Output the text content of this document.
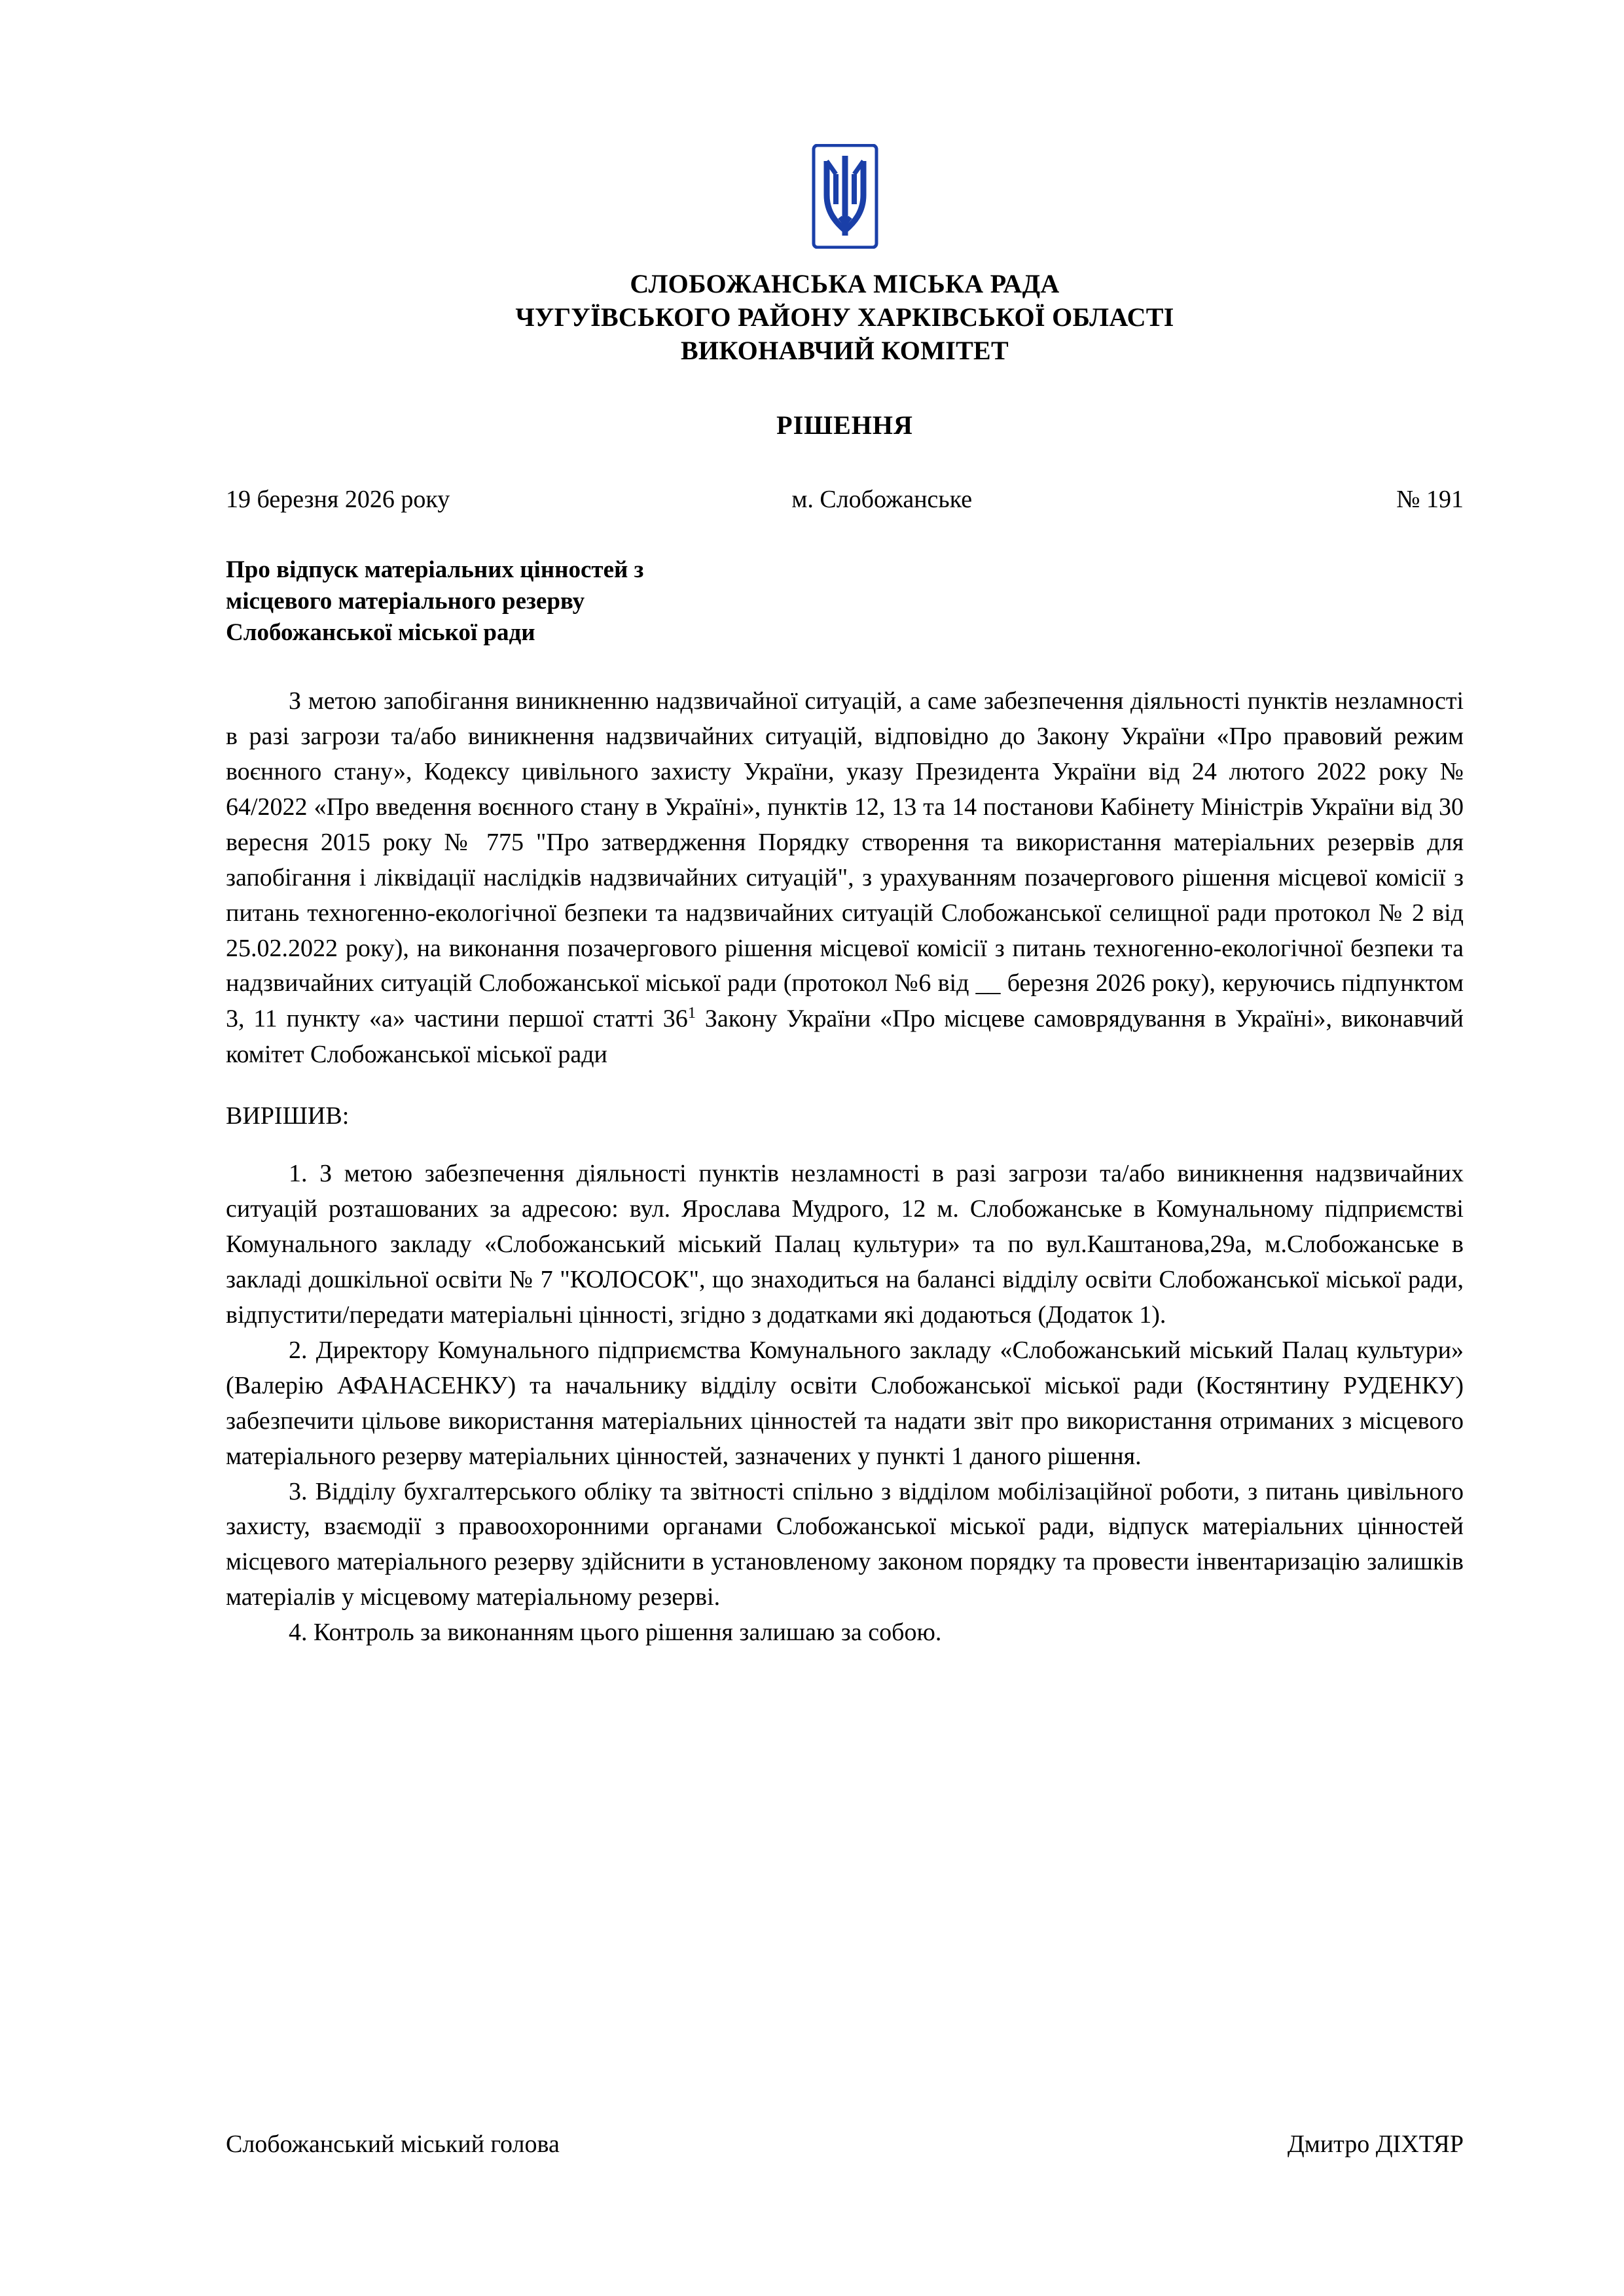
СЛОБОЖАНСЬКА МІСЬКА РАДА
ЧУГУЇВСЬКОГО РАЙОНУ ХАРКІВСЬКОЇ ОБЛАСТІ
ВИКОНАВЧИЙ КОМІТЕТ
РІШЕННЯ
19 березня 2026 року	м. Слобожанське	№ 191
Про відпуск матеріальних цінностей з
місцевого матеріального резерву
Слобожанської міської ради

З метою запобігання виникненню надзвичайної ситуацій, а саме забезпечення діяльності пунктів незламності в разі загрози та/або виникнення надзвичайних ситуацій, відповідно до Закону України «Про правовий режим воєнного стану», Кодексу цивільного захисту України, указу Президента України від 24 лютого 2022 року № 64/2022 «Про введення воєнного стану в Україні», пунктів 12, 13 та 14 постанови Кабінету Міністрів України від 30 вересня 2015 року № 775 "Про затвердження Порядку створення та використання матеріальних резервів для запобігання і ліквідації наслідків надзвичайних ситуацій", з урахуванням позачергового рішення місцевої комісії з питань техногенно-екологічної безпеки та надзвичайних ситуацій Слобожанської селищної ради протокол № 2 від 25.02.2022 року), на виконання позачергового рішення місцевої комісії з питань техногенно-екологічної безпеки та надзвичайних ситуацій Слобожанської міської ради (протокол №6 від __ березня 2026 року), керуючись підпунктом 3, 11 пункту «а» частини першої статті $36^1$ Закону України «Про місцеве самоврядування в Україні», виконавчий комітет Слобожанської міської ради

ВИРІШИВ:

1. З метою забезпечення діяльності пунктів незламності в разі загрози та/або виникнення надзвичайних ситуацій розташованих за адресою: вул. Ярослава Мудрого, 12 м. Слобожанське в Комунальному підприємстві Комунального закладу «Слобожанський міський Палац культури» та по вул.Каштанова,29а, м.Слобожанське в закладі дошкільної освіти № 7 "КОЛОСОК", що знаходиться на балансі відділу освіти Слобожанської міської ради, відпустити/передати матеріальні цінності, згідно з додатками які додаються (Додаток 1).

2. Директору Комунального підприємства Комунального закладу «Слобожанський міський Палац культури» (Валерію АФАНАСЕНКУ) та начальнику відділу освіти Слобожанської міської ради (Костянтину РУДЕНКУ) забезпечити цільове використання матеріальних цінностей та надати звіт про використання отриманих з місцевого матеріального резерву матеріальних цінностей, зазначених у пункті 1 даного рішення.

3. Відділу бухгалтерського обліку та звітності спільно з відділом мобілізаційної роботи, з питань цивільного захисту, взаємодії з правоохоронними органами Слобожанської міської ради, відпуск матеріальних цінностей місцевого матеріального резерву здійснити в установленому законом порядку та провести інвентаризацію залишків матеріалів у місцевому матеріальному резерві.

4. Контроль за виконанням цього рішення залишаю за собою.

Слобожанський міський голова	Дмитро ДІХТЯР
